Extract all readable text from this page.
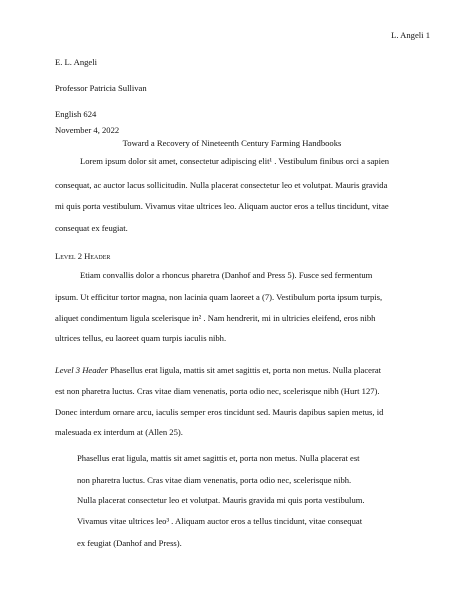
L. Angeli 1
E. L. Angeli
Professor Patricia Sullivan
English 624
November 4, 2022
Toward a Recovery of Nineteenth Century Farming Handbooks
Lorem ipsum dolor sit amet, consectetur adipiscing elit¹ . Vestibulum finibus orci a sapien
consequat, ac auctor lacus sollicitudin. Nulla placerat consectetur leo et volutpat. Mauris gravida
mi quis porta vestibulum. Vivamus vitae ultrices leo. Aliquam auctor eros a tellus tincidunt, vitae
consequat ex feugiat.
Level 2 Header
Etiam convallis dolor a rhoncus pharetra (Danhof and Press 5). Fusce sed fermentum
ipsum. Ut efficitur tortor magna, non lacinia quam laoreet a (7). Vestibulum porta ipsum turpis,
aliquet condimentum ligula scelerisque in² . Nam hendrerit, mi in ultricies eleifend, eros nibh
ultrices tellus, eu laoreet quam turpis iaculis nibh.
Level 3 Header Phasellus erat ligula, mattis sit amet sagittis et, porta non metus. Nulla placerat
est non pharetra luctus. Cras vitae diam venenatis, porta odio nec, scelerisque nibh (Hurt 127).
Donec interdum ornare arcu, iaculis semper eros tincidunt sed. Mauris dapibus sapien metus, id
malesuada ex interdum at (Allen 25).
Phasellus erat ligula, mattis sit amet sagittis et, porta non metus. Nulla placerat est
non pharetra luctus. Cras vitae diam venenatis, porta odio nec, scelerisque nibh.
Nulla placerat consectetur leo et volutpat. Mauris gravida mi quis porta vestibulum.
Vivamus vitae ultrices leo³ . Aliquam auctor eros a tellus tincidunt, vitae consequat
ex feugiat (Danhof and Press).
